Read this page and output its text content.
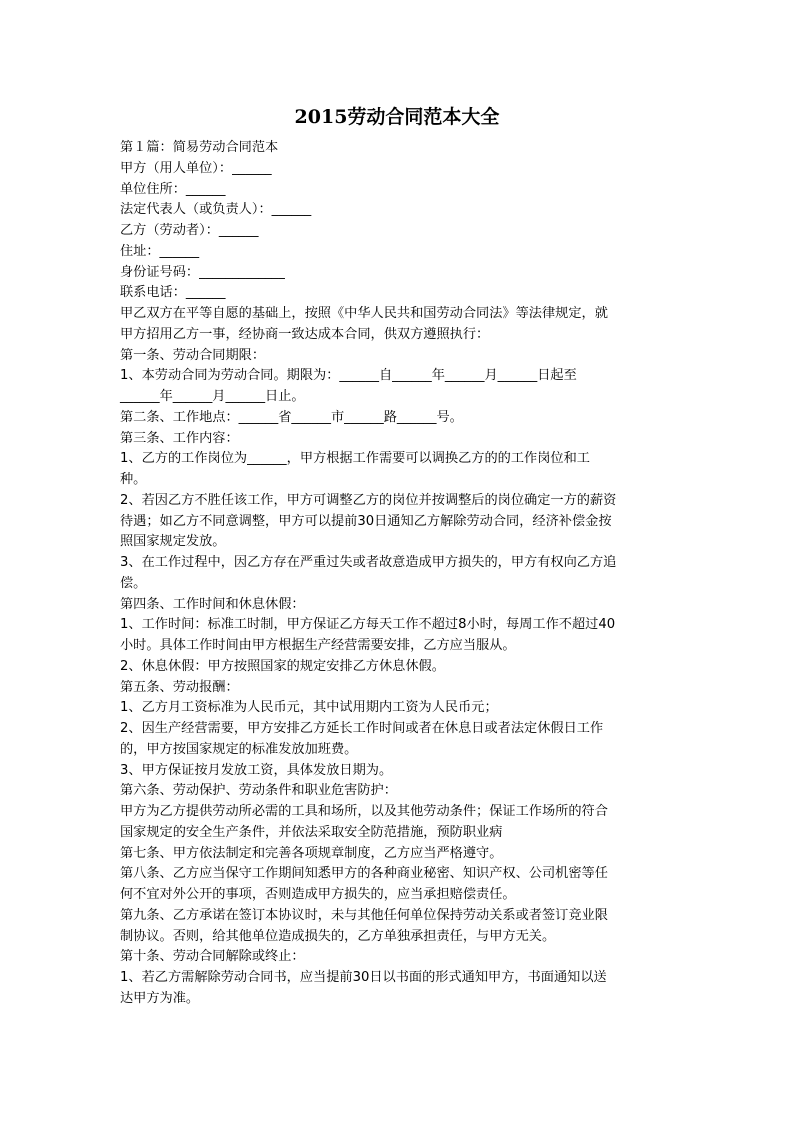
2015劳动合同范本大全

第１篇：简易劳动合同范本

甲方（用人单位）：______

单位住所：______

法定代表人（或负责人）：______

乙方（劳动者）：______

住址：______

身份证号码：_____________

联系电话：______

甲乙双方在平等自愿的基础上，按照《中华人民共和国劳动合同法》等法律规定，就

甲方招用乙方一事，经协商一致达成本合同，供双方遵照执行：

第一条、劳动合同期限：

1、本劳动合同为劳动合同。期限为：______自______年______月______日起至

______年______月______日止。

第二条、工作地点：______省______市______路______号。

第三条、工作内容：

1、乙方的工作岗位为______，甲方根据工作需要可以调换乙方的的工作岗位和工

种。

2、若因乙方不胜任该工作，甲方可调整乙方的岗位并按调整后的岗位确定一方的薪资

待遇；如乙方不同意调整，甲方可以提前30日通知乙方解除劳动合同，经济补偿金按

照国家规定发放。

3、在工作过程中，因乙方存在严重过失或者故意造成甲方损失的，甲方有权向乙方追

偿。

第四条、工作时间和休息休假：

1、工作时间：标准工时制，甲方保证乙方每天工作不超过8小时，每周工作不超过40

小时。具体工作时间由甲方根据生产经营需要安排，乙方应当服从。

2、休息休假：甲方按照国家的规定安排乙方休息休假。

第五条、劳动报酬：

1、乙方月工资标准为人民币元，其中试用期内工资为人民币元；

2、因生产经营需要，甲方安排乙方延长工作时间或者在休息日或者法定休假日工作

的，甲方按国家规定的标准发放加班费。

3、甲方保证按月发放工资，具体发放日期为。

第六条、劳动保护、劳动条件和职业危害防护：

甲方为乙方提供劳动所必需的工具和场所，以及其他劳动条件；保证工作场所的符合

国家规定的安全生产条件，并依法采取安全防范措施，预防职业病

第七条、甲方依法制定和完善各项规章制度，乙方应当严格遵守。

第八条、乙方应当保守工作期间知悉甲方的各种商业秘密、知识产权、公司机密等任

何不宜对外公开的事项，否则造成甲方损失的，应当承担赔偿责任。

第九条、乙方承诺在签订本协议时，未与其他任何单位保持劳动关系或者签订竞业限

制协议。否则，给其他单位造成损失的，乙方单独承担责任，与甲方无关。

第十条、劳动合同解除或终止：

1、若乙方需解除劳动合同书，应当提前30日以书面的形式通知甲方，书面通知以送

达甲方为准。
